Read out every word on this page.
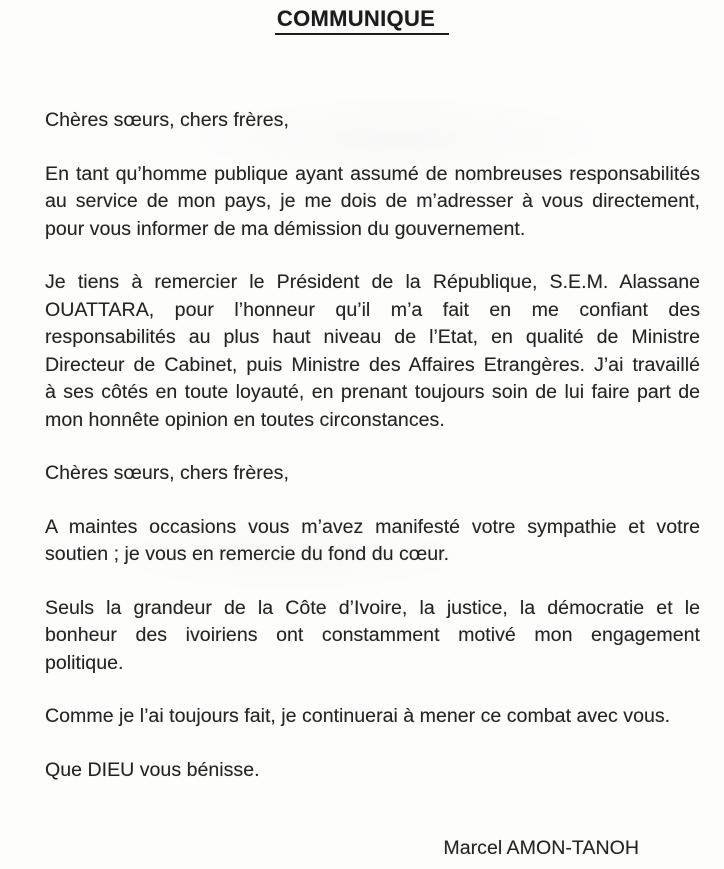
COMMUNIQUE
Chères sœurs, chers frères,
En tant qu’homme publique ayant assumé de nombreuses responsabilités
au service de mon pays, je me dois de m’adresser à vous directement,
pour vous informer de ma démission du gouvernement.
Je tiens à remercier le Président de la République, S.E.M. Alassane
OUATTARA, pour l’honneur qu’il m’a fait en me confiant des
responsabilités au plus haut niveau de l’Etat, en qualité de Ministre
Directeur de Cabinet, puis Ministre des Affaires Etrangères. J’ai travaillé
à ses côtés en toute loyauté, en prenant toujours soin de lui faire part de
mon honnête opinion en toutes circonstances.
Chères sœurs, chers frères,
A maintes occasions vous m’avez manifesté votre sympathie et votre
soutien ; je vous en remercie du fond du cœur.
Seuls la grandeur de la Côte d’Ivoire, la justice, la démocratie et le
bonheur des ivoiriens ont constamment motivé mon engagement
politique.
Comme je l’ai toujours fait, je continuerai à mener ce combat avec vous.
Que DIEU vous bénisse.
Marcel AMON-TANOH
